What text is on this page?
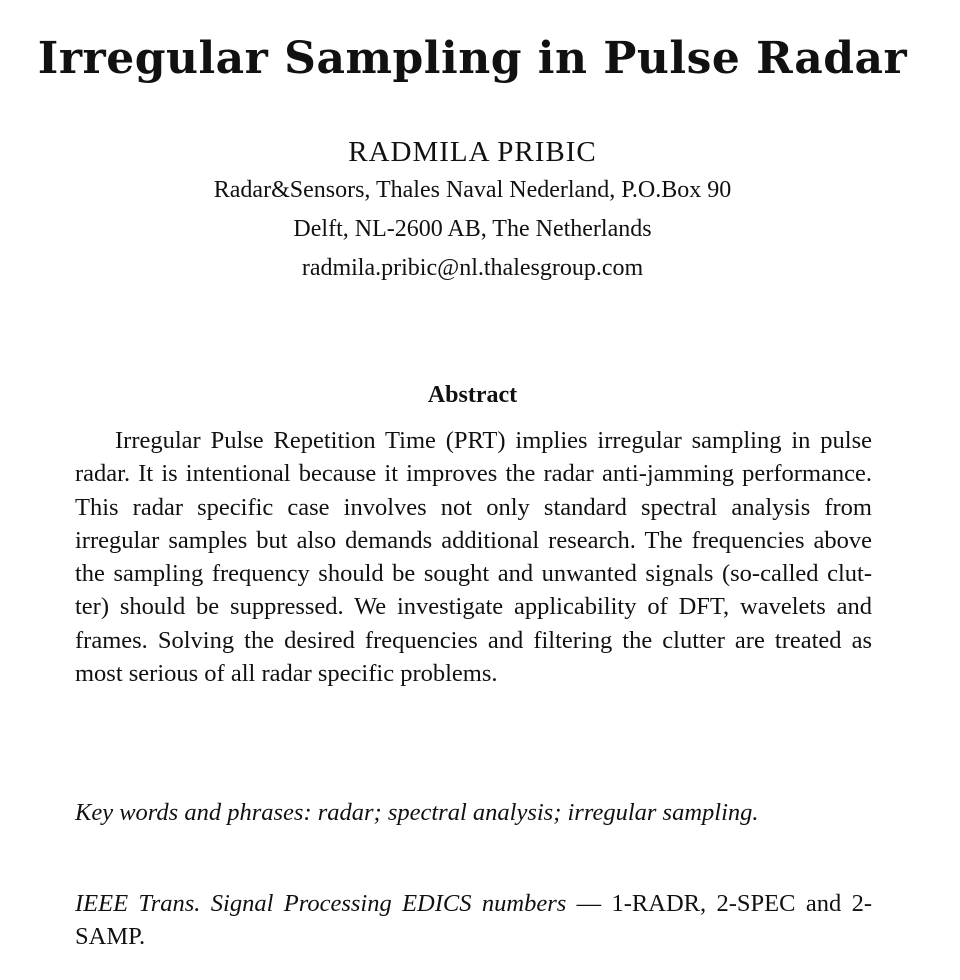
Irregular Sampling in Pulse Radar
RADMILA PRIBIC
Radar&Sensors, Thales Naval Nederland, P.O.Box 90
Delft, NL-2600 AB, The Netherlands
radmila.pribic@nl.thalesgroup.com
Abstract

Irregular Pulse Repetition Time (PRT) implies irregular sampling in pulse radar. It is intentional because it improves the radar anti-jamming performance. This radar specific case involves not only standard spectral analysis from irregular samples but also demands additional research. The frequencies above the sampling frequency should be sought and unwanted signals (so-called clutter) should be suppressed. We investigate applicability of DFT, wavelets and frames. Solving the desired frequencies and filtering the clutter are treated as most serious of all radar specific problems.

Key words and phrases: radar; spectral analysis; irregular sampling.

IEEE Trans. Signal Processing EDICS numbers — 1-RADR, 2-SPEC and 2-SAMP.
